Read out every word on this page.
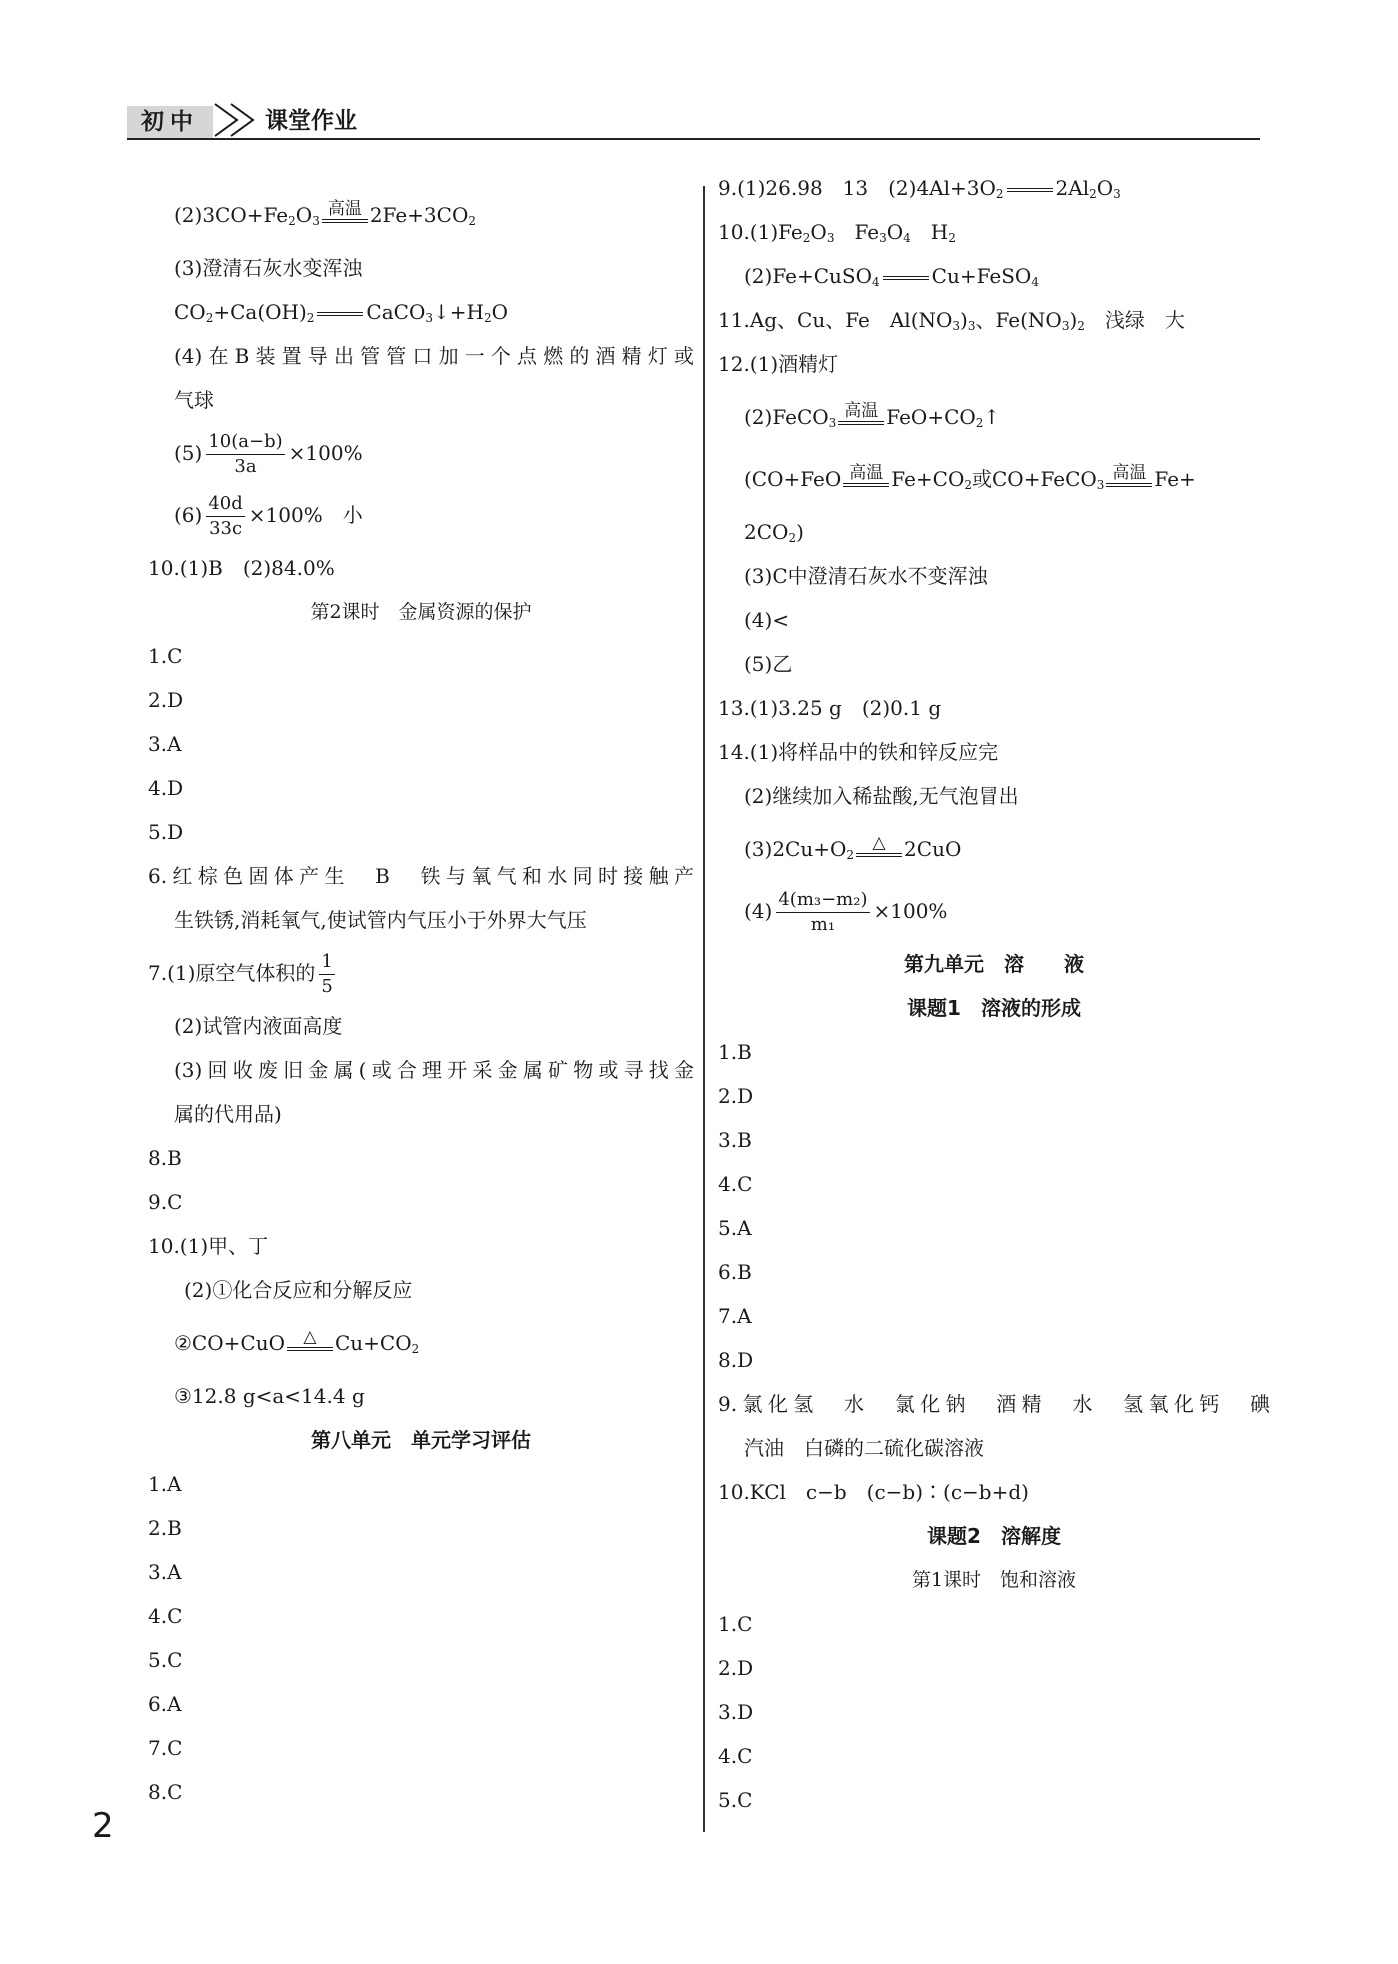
初中	课堂作业
$(2)3CO+Fe_2O_3$
高温 $2Fe+3CO_2$
(3)澄清石灰水变浑浊
$CO_2+Ca(OH)_2$	$CaCO_3↓+H_2O$
(4)在B装置导出管管口加一个点燃的酒精灯或
气球
$(5) \frac{10(a-b)}{3a} \times 100\%$
$(6) \frac{40d}{33c} \times 100\%$　小
10.(1)B　(2)84.0%
第2课时　金属资源的保护
1.C
2.D
3.A
4.D
5.D
6.红棕色固体产生　B　铁与氧气和水同时接触产
生铁锈,消耗氧气,使试管内气压小于外界大气压
7.(1)原空气体积的 $\frac{1}{5}$
(2)试管内液面高度
(3)回收废旧金属(或合理开采金属矿物或寻找金
属的代用品)
8.B
9.C
10.(1)甲、丁
(2)①化合反应和分解反应
②CO+CuO	△ $Cu+CO_2$
③12.8 g<a<14.4 g
第八单元　单元学习评估
1.A
2.B
3.A
4.C
5.C
6.A
7.C
8.C
9.(1)26.98　13　$(2)4Al+3O_2$	$2Al_2O_3$
$10.(1)Fe_2O_3$　$Fe_3O_4$　$H_2$
(2)Fe+CuSO$_4$	Cu+FeSO$_4$
11.Ag、Cu、Fe　$Al(NO_3)_3$、$Fe(NO_3)_2$　浅绿　大
12.(1)酒精灯
(2)FeCO$_3$
高温 $FeO+CO_2↑$
(CO+FeO 高温 $Fe+CO_2$或CO+FeCO$_3$
高温 Fe+
$2CO_2$)
(3)C中澄清石灰水不变浑浊
(4)<
(5)乙
13.(1)3.25 g　(2)0.1 g
14.(1)将样品中的铁和锌反应完
(2)继续加入稀盐酸,无气泡冒出
$(3)2Cu+O_2$
△ 2CuO
$(4) \frac{\text{4(m₃−m₂)}}{\text{m₁}} \times 100\%$
第九单元　溶　　液
课题1　溶液的形成
1.B
2.D
3.B
4.C
5.A
6.B
7.A
8.D
9.氯化氢　水　氯化钠　酒精　水　氢氧化钙　碘
汽油　白磷的二硫化碳溶液
10.KCl　c−b　(c−b)∶(c−b+d)
课题2　溶解度
第1课时　饱和溶液
1.C
2.D
3.D
4.C
5.C
2
